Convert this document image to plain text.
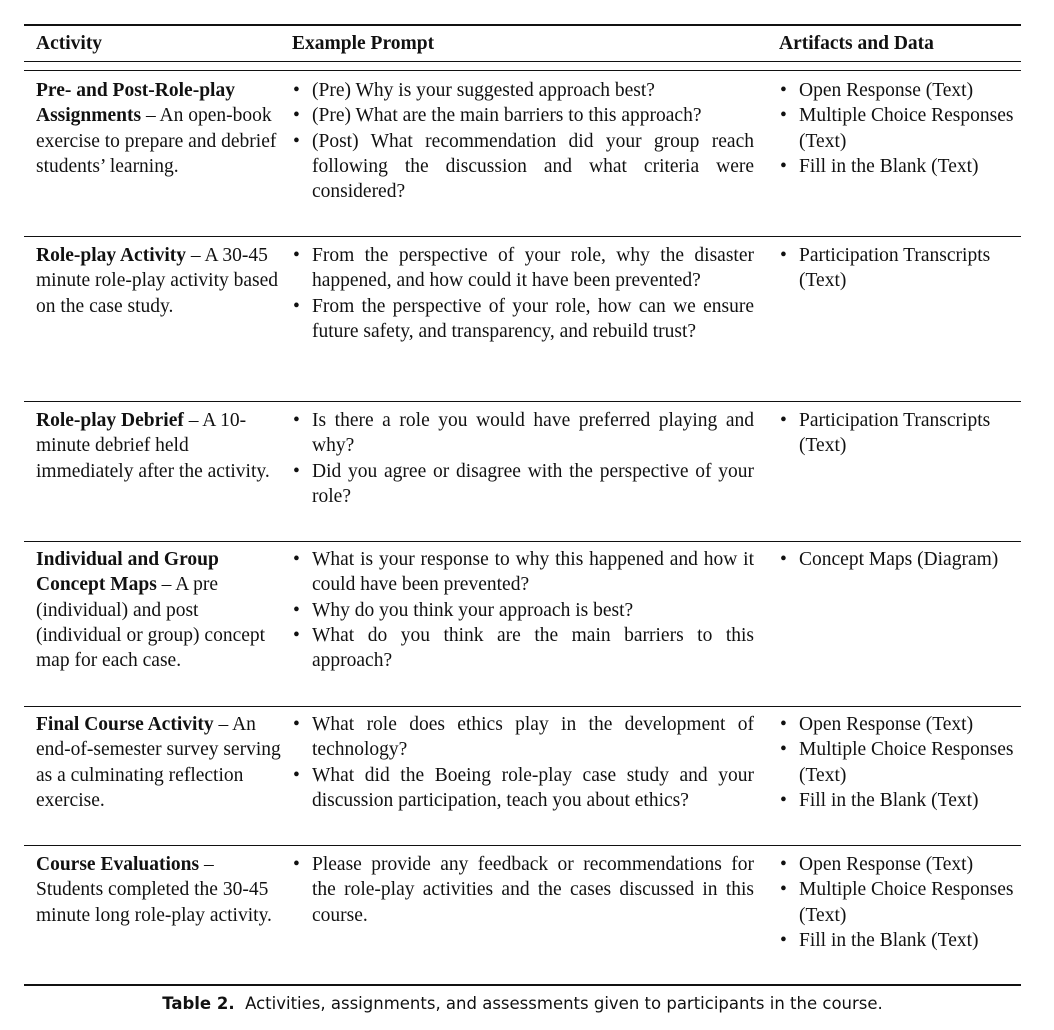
Activity	Example Prompt	Artifacts and Data
Pre- and Post-Role-play Assignments – An open-book exercise to prepare and debrief students’ learning.
• (Pre) Why is your suggested approach best?
• (Pre) What are the main barriers to this approach?
• (Post) What recommendation did your group reach following the discussion and what criteria were considered?
• Open Response (Text)
• Multiple Choice Responses (Text)
• Fill in the Blank (Text)
Role-play Activity – A 30-45 minute role-play activity based on the case study.
• From the perspective of your role, why the disaster happened, and how could it have been prevented?
• From the perspective of your role, how can we ensure future safety, and transparency, and rebuild trust?
• Participation Transcripts (Text)
Role-play Debrief – A 10-minute debrief held immediately after the activity.
• Is there a role you would have preferred playing and why?
• Did you agree or disagree with the perspective of your role?
• Participation Transcripts (Text)
Individual and Group Concept Maps – A pre (individual) and post (individual or group) concept map for each case.
• What is your response to why this happened and how it could have been prevented?
• Why do you think your approach is best?
• What do you think are the main barriers to this approach?
• Concept Maps (Diagram)
Final Course Activity – An end-of-semester survey serving as a culminating reflection exercise.
• What role does ethics play in the development of technology?
• What did the Boeing role-play case study and your discussion participation, teach you about ethics?
• Open Response (Text)
• Multiple Choice Responses (Text)
• Fill in the Blank (Text)
Course Evaluations – Students completed the 30-45 minute long role-play activity.
• Please provide any feedback or recommendations for the role-play activities and the cases discussed in this course.
• Open Response (Text)
• Multiple Choice Responses (Text)
• Fill in the Blank (Text)
Table 2. Activities, assignments, and assessments given to participants in the course.
